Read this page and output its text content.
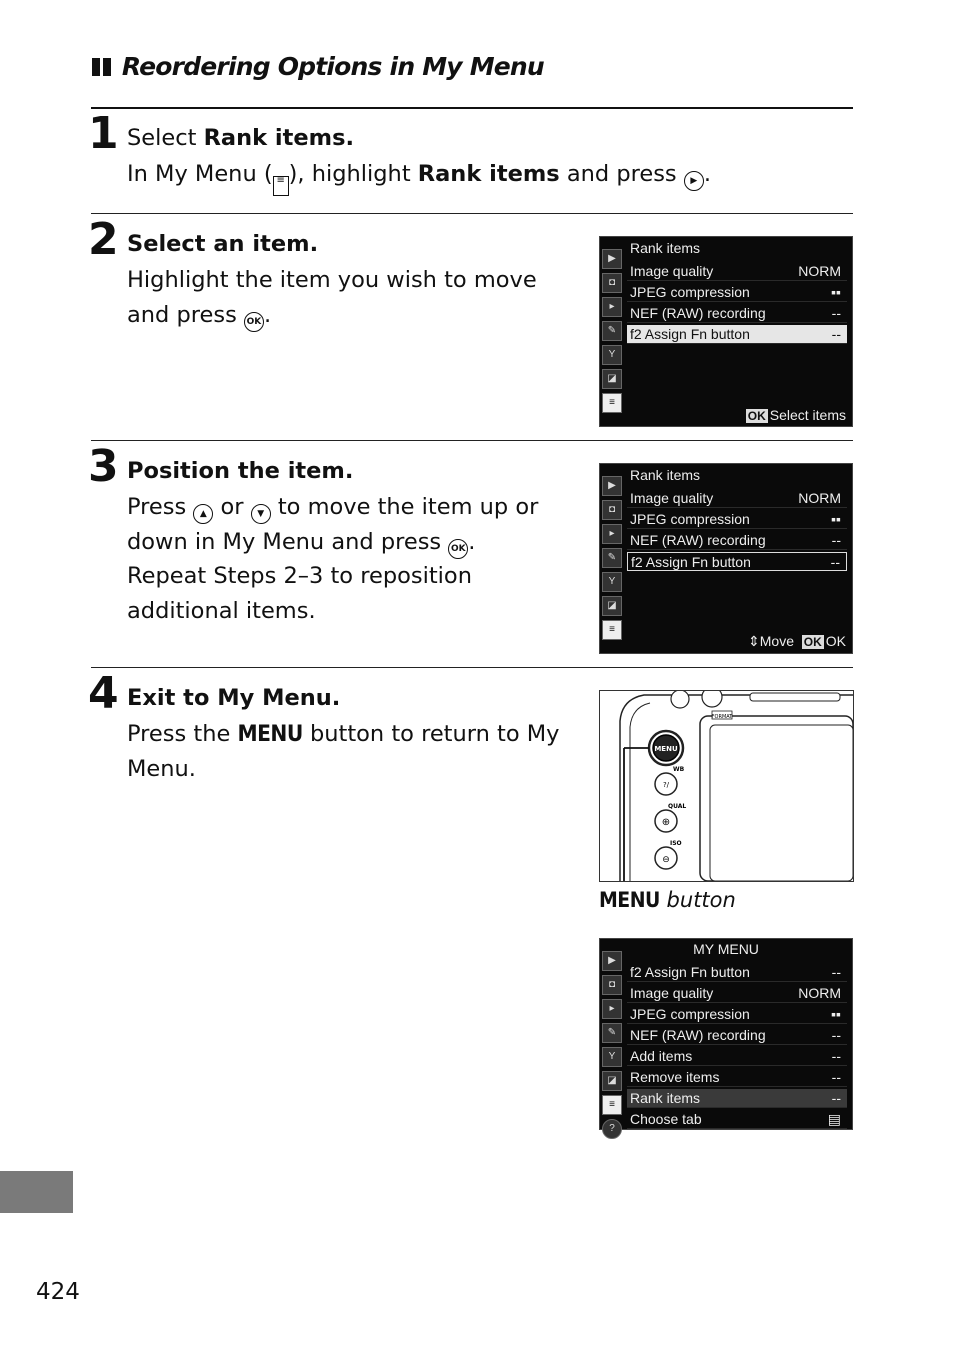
Reordering Options in My Menu
1 Select Rank items.
In My Menu ( ≡ ), highlight Rank items and press ▶ .
2 Select an item.
Highlight the item you wish to move
and press OK .
Rank items
▶
◘
▸
✎
Y
◪
≡
Image quality	NORM
JPEG compression	▪▪
NEF (RAW) recording	--
f2 Assign Fn button	--
OK Select items
3 Position the item.
Press ▲ or ▼ to move the item up or
down in My Menu and press OK .
Repeat Steps 2–3 to reposition
additional items.
Rank items
▶
◘
▸
✎
Y
◪
≡
Image quality	NORM
JPEG compression	▪▪
NEF (RAW) recording	--
f2 Assign Fn button	--
⇕Move OK OK
4 Exit to My Menu.
Press the MENU button to return to My
Menu.
FORMAT
MENU
WB
?/
QUAL
⊕
ISO
⊖
MENU button
MY MENU
▶
◘
▸
✎
Y
◪
≡
?
f2 Assign Fn button	--
Image quality	NORM
JPEG compression	▪▪
NEF (RAW) recording	--
Add items	--
Remove items	--
Rank items	--
Choose tab	▤
424
